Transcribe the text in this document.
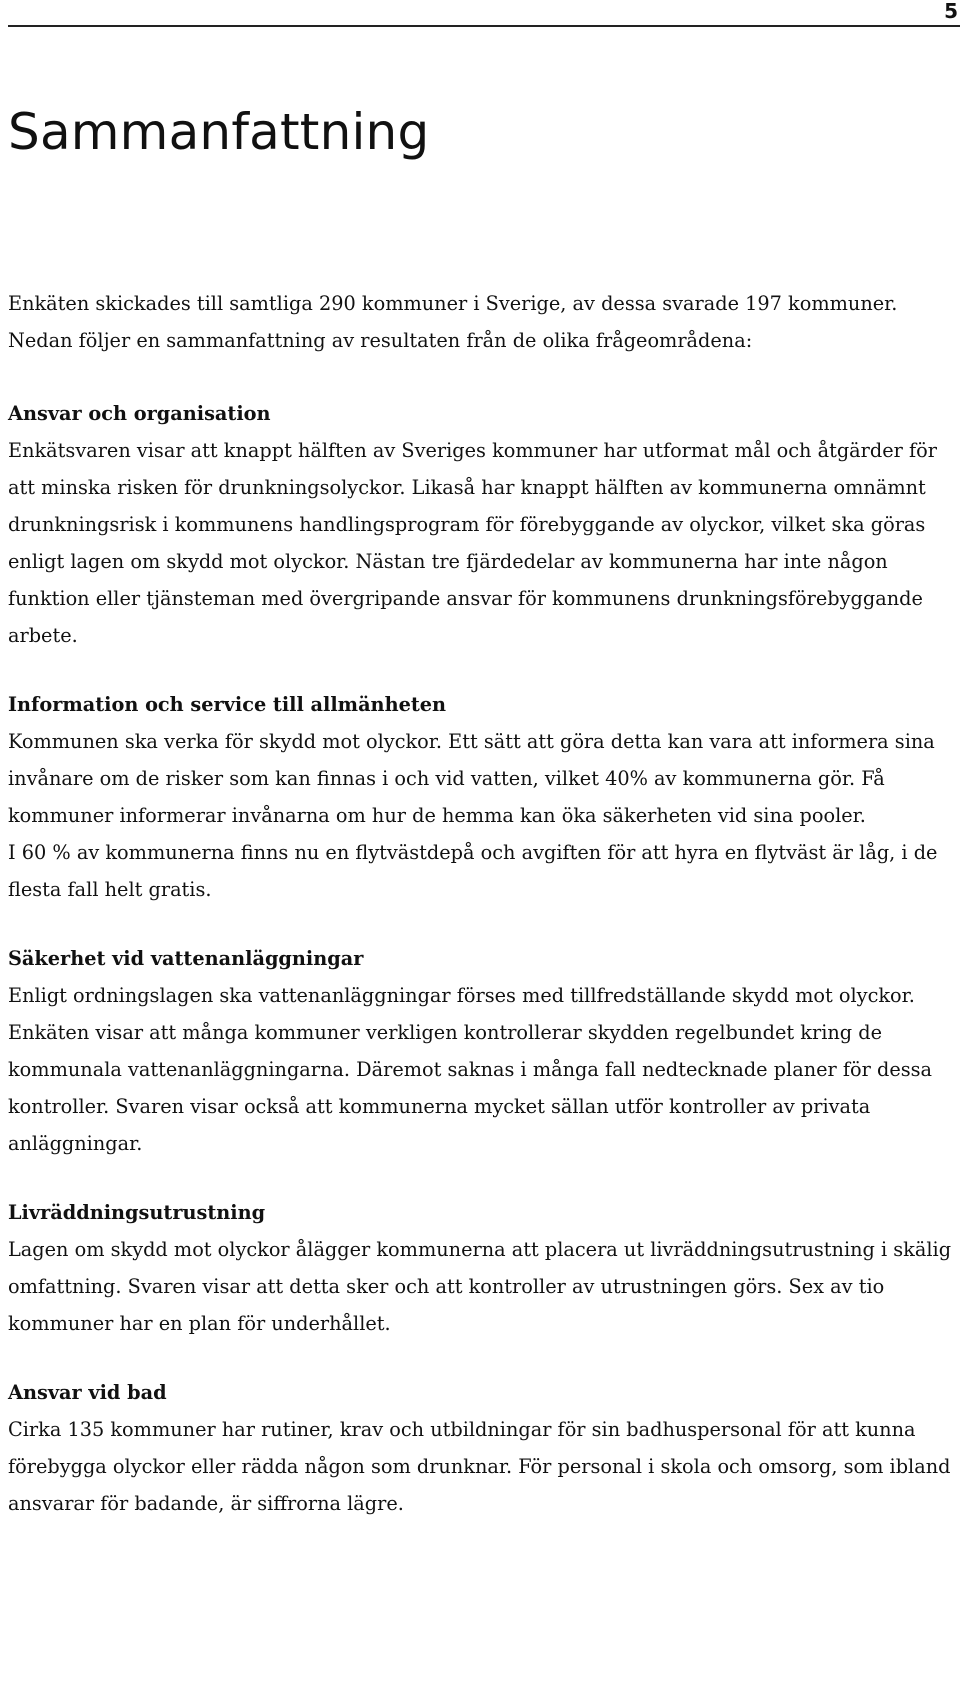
5
Sammanfattning

Enkäten skickades till samtliga 290 kommuner i Sverige, av dessa svarade 197 kommuner. Nedan följer en sammanfattning av resultaten från de olika frågeområdena:

Ansvar och organisation

Enkätsvaren visar att knappt hälften av Sveriges kommuner har utformat mål och åtgärder för att minska risken för drunkningsolyckor. Likaså har knappt hälften av kommunerna omnämnt drunkningsrisk i kommunens handlingsprogram för förebyggande av olyckor, vilket ska göras enligt lagen om skydd mot olyckor. Nästan tre fjärdedelar av kommunerna har inte någon funktion eller tjänsteman med övergripande ansvar för kommunens drunkningsförebyggande arbete.

Information och service till allmänheten

Kommunen ska verka för skydd mot olyckor. Ett sätt att göra detta kan vara att informera sina invånare om de risker som kan finnas i och vid vatten, vilket 40% av kommunerna gör. Få kommuner informerar invånarna om hur de hemma kan öka säkerheten vid sina pooler.

I 60 % av kommunerna finns nu en flytvästdepå och avgiften för att hyra en flytväst är låg, i de flesta fall helt gratis.

Säkerhet vid vattenanläggningar

Enligt ordningslagen ska vattenanläggningar förses med tillfredställande skydd mot olyckor. Enkäten visar att många kommuner verkligen kontrollerar skydden regelbundet kring de kommunala vattenanläggningarna. Däremot saknas i många fall nedtecknade planer för dessa kontroller. Svaren visar också att kommunerna mycket sällan utför kontroller av privata anläggningar.

Livräddningsutrustning

Lagen om skydd mot olyckor ålägger kommunerna att placera ut livräddningsutrustning i skälig omfattning. Svaren visar att detta sker och att kontroller av utrustningen görs. Sex av tio kommuner har en plan för underhållet.

Ansvar vid bad

Cirka 135 kommuner har rutiner, krav och utbildningar för sin badhuspersonal för att kunna förebygga olyckor eller rädda någon som drunknar. För personal i skola och omsorg, som ibland ansvarar för badande, är siffrorna lägre.
